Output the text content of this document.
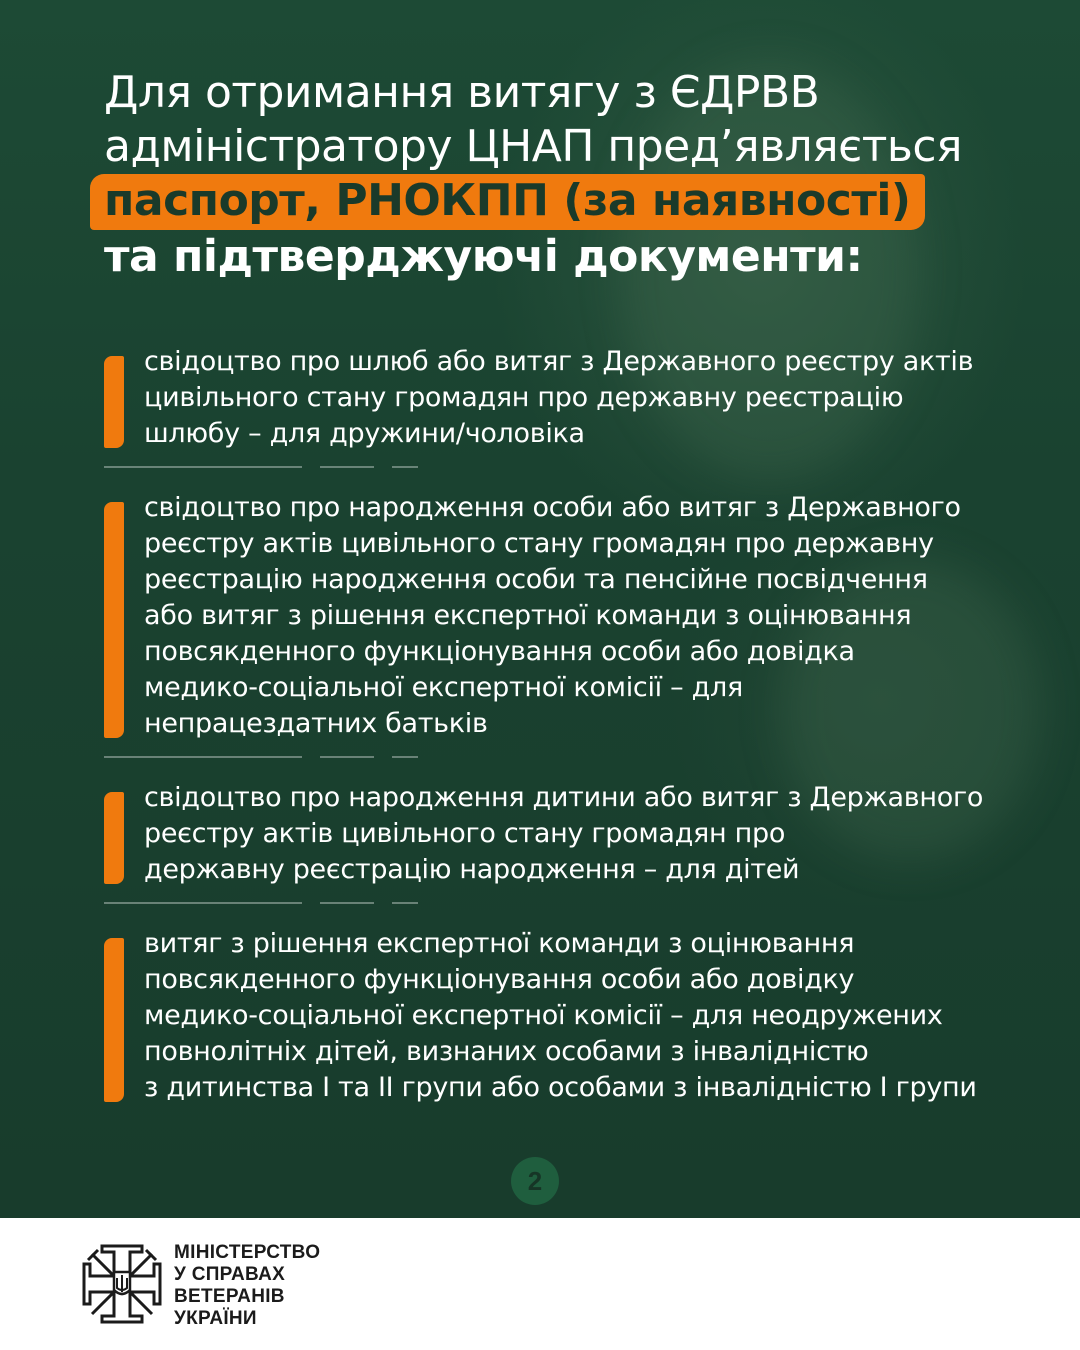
Для отримання витягу з ЄДРВВ
адміністратору ЦНАП пред’являється
паспорт, РНОКПП (за наявності)
та підтверджуючі документи:

свідоцтво про шлюб або витяг з Державного реєстру актів
цивільного стану громадян про державну реєстрацію
шлюбу – для дружини/чоловіка

свідоцтво про народження особи або витяг з Державного
реєстру актів цивільного стану громадян про державну
реєстрацію народження особи та пенсійне посвідчення
або витяг з рішення експертної команди з оцінювання
повсякденного функціонування особи або довідка
медико-соціальної експертної комісії – для
непрацездатних батьків

свідоцтво про народження дитини або витяг з Державного
реєстру актів цивільного стану громадян про
державну реєстрацію народження – для дітей

витяг з рішення експертної команди з оцінювання
повсякденного функціонування особи або довідку
медико-соціальної експертної комісії – для неодружених
повнолітніх дітей, визнаних особами з інвалідністю
з дитинства I та II групи або особами з інвалідністю I групи

2
МІНІСТЕРСТВО
У СПРАВАХ
ВЕТЕРАНІВ
УКРАЇНИ
